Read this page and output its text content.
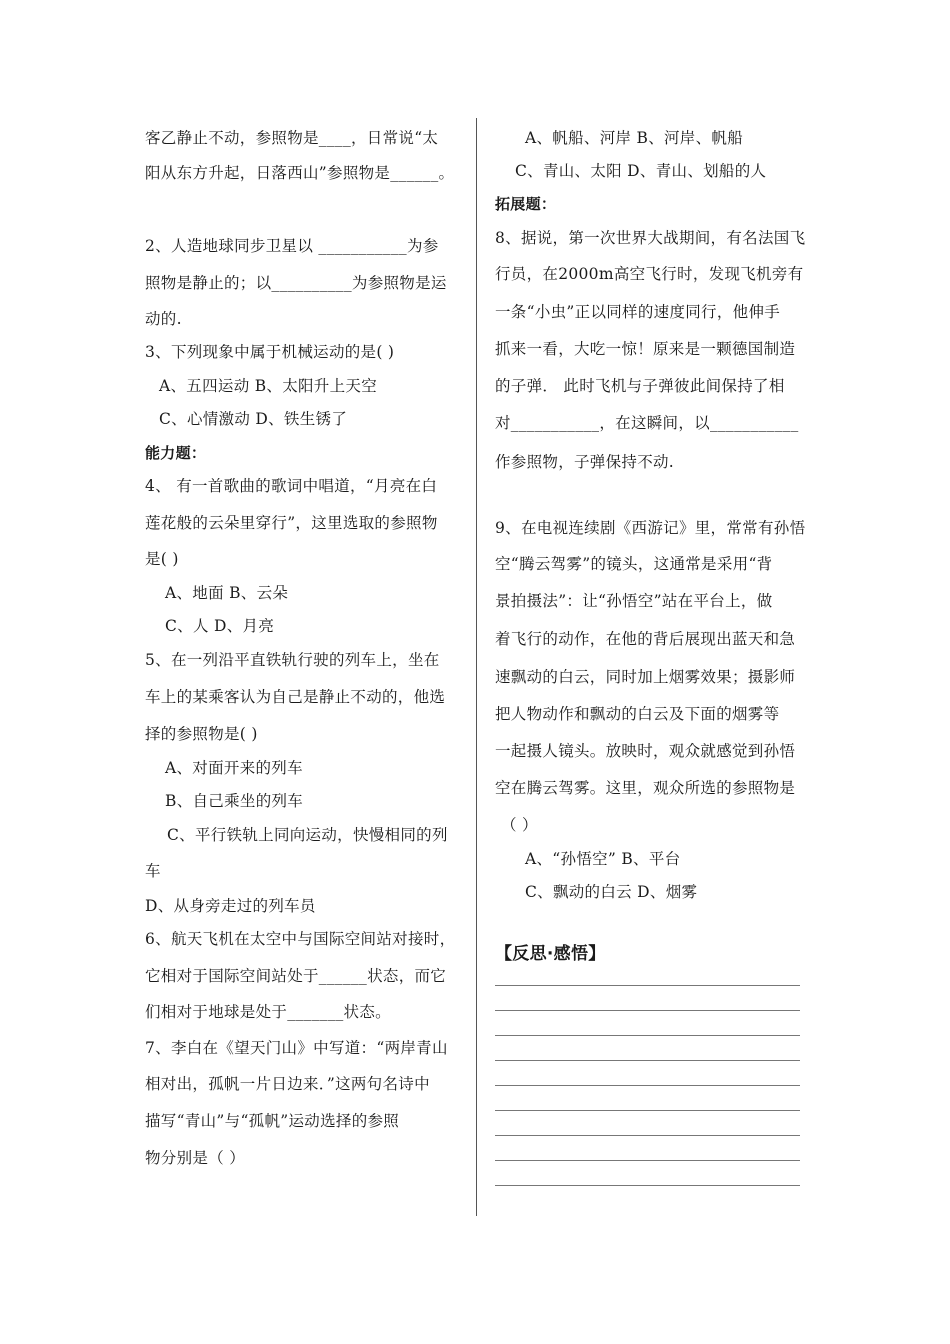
客乙静止不动，参照物是____，日常说“太
阳从东方升起，日落西山”参照物是______。
2、人造地球同步卫星以 ___________为参
照物是静止的；以__________为参照物是运
动的.
3、下列现象中属于机械运动的是( )
A、五四运动 B、太阳升上天空
C、心情激动 D、铁生锈了
能力题：
4、 有一首歌曲的歌词中唱道，“月亮在白
莲花般的云朵里穿行”，这里选取的参照物
是( )
A、地面 B、云朵
C、人 D、月亮
5、在一列沿平直铁轨行驶的列车上，坐在
车上的某乘客认为自己是静止不动的，他选
择的参照物是( )
A、对面开来的列车
B、自己乘坐的列车
C、平行铁轨上同向运动，快慢相同的列
车
D、从身旁走过的列车员
6、航天飞机在太空中与国际空间站对接时，
它相对于国际空间站处于______状态，而它
们相对于地球是处于_______状态。
7、李白在《望天门山》中写道：“两岸青山
相对出，孤帆一片日边来．”这两句名诗中
描写“青山”与“孤帆”运动选择的参照
物分别是（ ）
A、帆船、河岸 B、河岸、帆船
C、青山、太阳 D、青山、划船的人
拓展题：
8、据说，第一次世界大战期间，有名法国飞
行员，在2000m高空飞行时，发现飞机旁有
一条“小虫”正以同样的速度同行，他伸手
抓来一看，大吃一惊！原来是一颗德国制造
的子弹． 此时飞机与子弹彼此间保持了相
对___________，在这瞬间，以___________
作参照物，子弹保持不动.
9、在电视连续剧《西游记》里，常常有孙悟
空“腾云驾雾”的镜头，这通常是采用“背
景拍摄法”：让“孙悟空”站在平台上，做
着飞行的动作，在他的背后展现出蓝天和急
速飘动的白云，同时加上烟雾效果；摄影师
把人物动作和飘动的白云及下面的烟雾等
一起摄人镜头。放映时，观众就感觉到孙悟
空在腾云驾雾。这里，观众所选的参照物是
（ ）
A、“孙悟空” B、平台
C、飘动的白云 D、烟雾
【反思·感悟】
